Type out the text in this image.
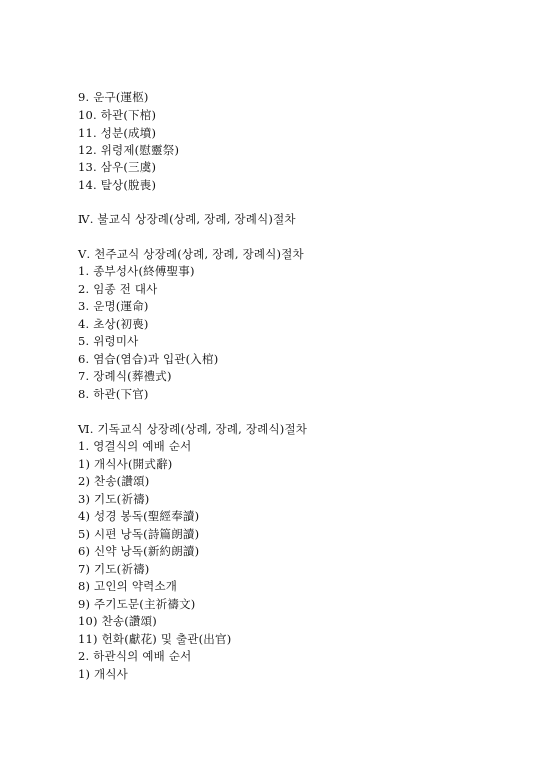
9. 운구(運柩)
10. 하관(下棺)
11. 성분(成墳)
12. 위령제(慰靈祭)
13. 삼우(三虞)
14. 탈상(脫喪)
Ⅳ. 불교식 상장례(상례, 장례, 장례식)절차
Ⅴ. 천주교식 상장례(상례, 장례, 장례식)절차
1. 종부성사(終傅聖事)
2. 임종 전 대사
3. 운명(運命)
4. 초상(初喪)
5. 위령미사
6. 염습(염습)과 입관(入棺)
7. 장례식(葬禮式)
8. 하관(下官)
Ⅵ. 기독교식 상장례(상례, 장례, 장례식)절차
1. 영결식의 예배 순서
1) 개식사(開式辭)
2) 찬송(讚頌)
3) 기도(祈禱)
4) 성경 봉독(聖經奉讀)
5) 시편 낭독(詩篇朗讀)
6) 신약 낭독(新約朗讀)
7) 기도(祈禱)
8) 고인의 약력소개
9) 주기도문(主祈禱文)
10) 찬송(讚頌)
11) 헌화(獻花) 및 출관(出官)
2. 하관식의 예배 순서
1) 개식사
